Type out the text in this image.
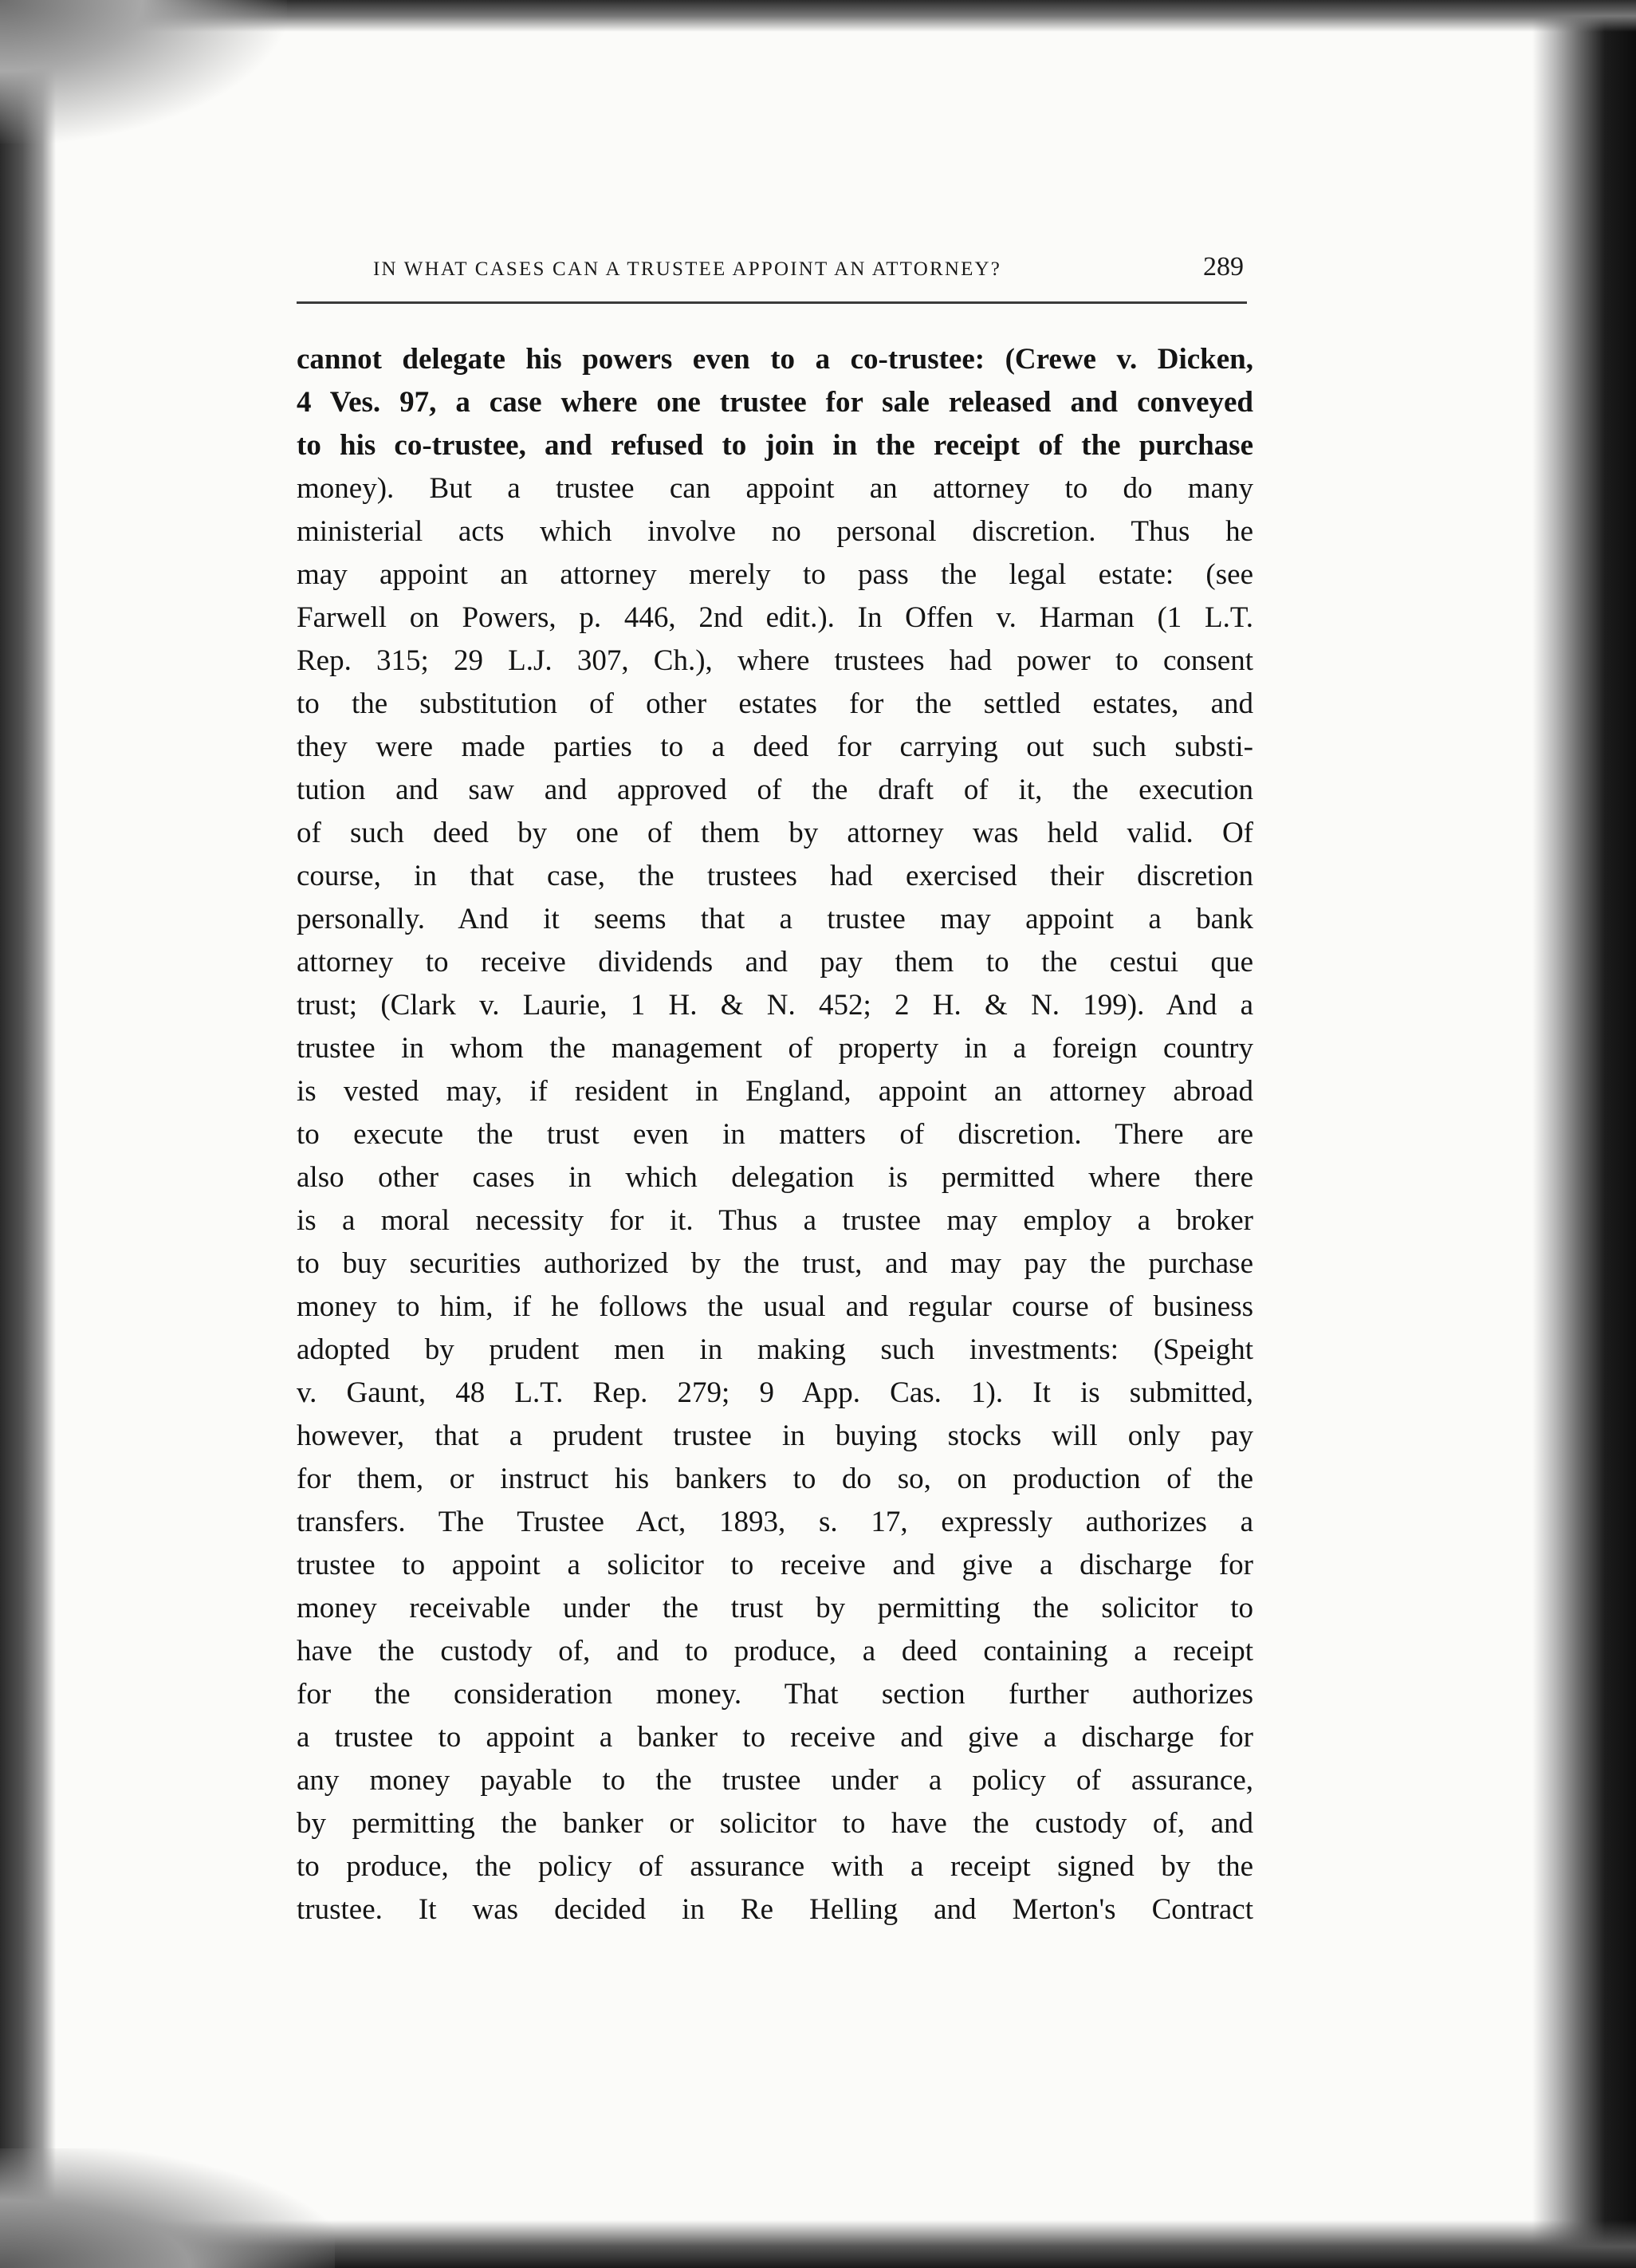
IN WHAT CASES CAN A TRUSTEE APPOINT AN ATTORNEY?	289
cannot delegate his powers even to a co-trustee: (Crewe v. Dicken,
4 Ves. 97, a case where one trustee for sale released and conveyed
to his co-trustee, and refused to join in the receipt of the purchase
money). But a trustee can appoint an attorney to do many
ministerial acts which involve no personal discretion. Thus he
may appoint an attorney merely to pass the legal estate: (see
Farwell on Powers, p. 446, 2nd edit.). In Offen v. Harman (1 L.T.
Rep. 315; 29 L.J. 307, Ch.), where trustees had power to consent
to the substitution of other estates for the settled estates, and
they were made parties to a deed for carrying out such substi-
tution and saw and approved of the draft of it, the execution
of such deed by one of them by attorney was held valid. Of
course, in that case, the trustees had exercised their discretion
personally. And it seems that a trustee may appoint a bank
attorney to receive dividends and pay them to the cestui que
trust; (Clark v. Laurie, 1 H. & N. 452; 2 H. & N. 199). And a
trustee in whom the management of property in a foreign country
is vested may, if resident in England, appoint an attorney abroad
to execute the trust even in matters of discretion. There are
also other cases in which delegation is permitted where there
is a moral necessity for it. Thus a trustee may employ a broker
to buy securities authorized by the trust, and may pay the purchase
money to him, if he follows the usual and regular course of business
adopted by prudent men in making such investments: (Speight
v. Gaunt, 48 L.T. Rep. 279; 9 App. Cas. 1). It is submitted,
however, that a prudent trustee in buying stocks will only pay
for them, or instruct his bankers to do so, on production of the
transfers. The Trustee Act, 1893, s. 17, expressly authorizes a
trustee to appoint a solicitor to receive and give a discharge for
money receivable under the trust by permitting the solicitor to
have the custody of, and to produce, a deed containing a receipt
for the consideration money. That section further authorizes
a trustee to appoint a banker to receive and give a discharge for
any money payable to the trustee under a policy of assurance,
by permitting the banker or solicitor to have the custody of, and
to produce, the policy of assurance with a receipt signed by the
trustee. It was decided in Re Helling and Merton's Contract
